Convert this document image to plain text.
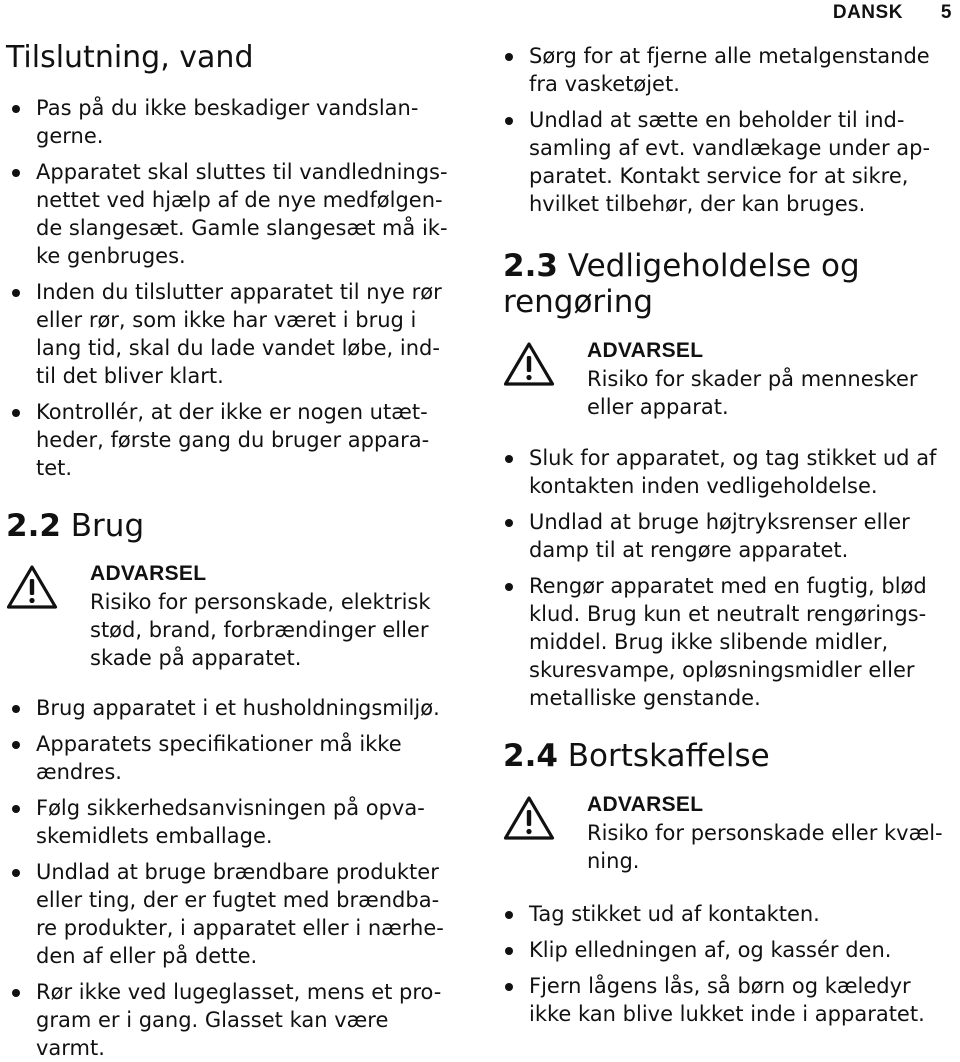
DANSK 5
Tilslutning, vand
Pas på du ikke beskadiger vandslan-
gerne.
Apparatet skal sluttes til vandlednings-
nettet ved hjælp af de nye medfølgen-
de slangesæt. Gamle slangesæt må ik-
ke genbruges.
Inden du tilslutter apparatet til nye rør
eller rør, som ikke har været i brug i
lang tid, skal du lade vandet løbe, ind-
til det bliver klart.
Kontrollér, at der ikke er nogen utæt-
heder, første gang du bruger appara-
tet.
2.2 Brug
ADVARSEL
Risiko for personskade, elektrisk
stød, brand, forbrændinger eller
skade på apparatet.
Brug apparatet i et husholdningsmiljø.
Apparatets specifikationer må ikke
ændres.
Følg sikkerhedsanvisningen på opva-
skemidlets emballage.
Undlad at bruge brændbare produkter
eller ting, der er fugtet med brændba-
re produkter, i apparatet eller i nærhe-
den af eller på dette.
Rør ikke ved lugeglasset, mens et pro-
gram er i gang. Glasset kan være
varmt.
Sørg for at fjerne alle metalgenstande
fra vasketøjet.
Undlad at sætte en beholder til ind-
samling af evt. vandlækage under ap-
paratet. Kontakt service for at sikre,
hvilket tilbehør, der kan bruges.
2.3 Vedligeholdelse og
rengøring
ADVARSEL
Risiko for skader på mennesker
eller apparat.
Sluk for apparatet, og tag stikket ud af
kontakten inden vedligeholdelse.
Undlad at bruge højtryksrenser eller
damp til at rengøre apparatet.
Rengør apparatet med en fugtig, blød
klud. Brug kun et neutralt rengørings-
middel. Brug ikke slibende midler,
skuresvampe, opløsningsmidler eller
metalliske genstande.
2.4 Bortskaffelse
ADVARSEL
Risiko for personskade eller kvæl-
ning.
Tag stikket ud af kontakten.
Klip elledningen af, og kassér den.
Fjern lågens lås, så børn og kæledyr
ikke kan blive lukket inde i apparatet.
